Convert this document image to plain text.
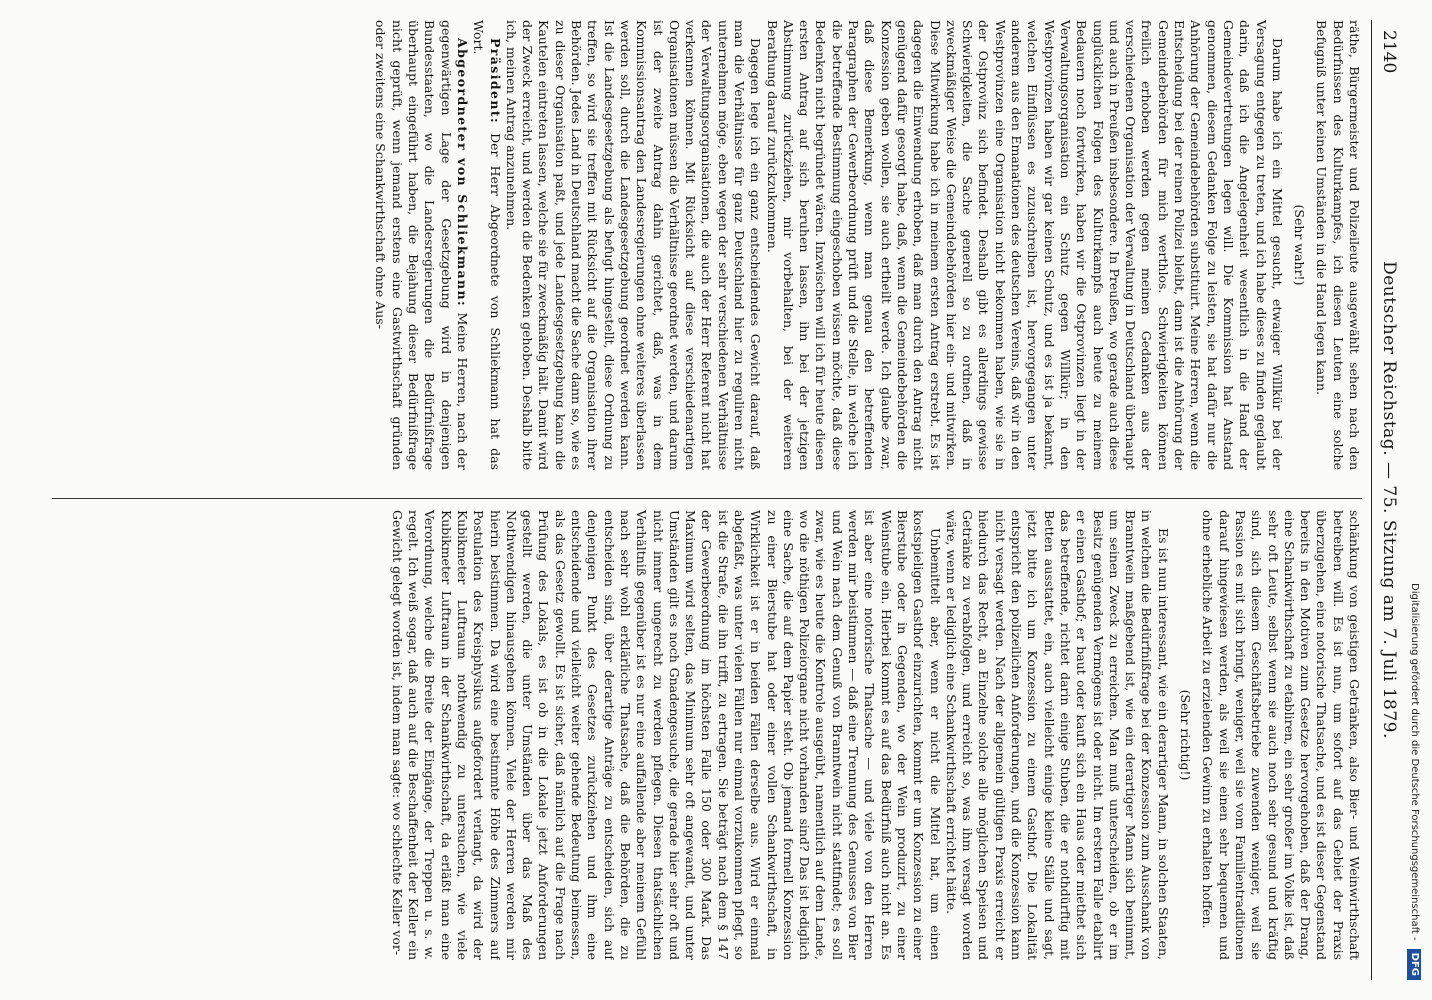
Deutscher Reichstag. — 75. Sitzung am 7. Juli 1879.
2140

räthe, Bürgermeister und Polizeileute ausgewählt sehen nach den Bedürfnissen des Kulturkampfes, ich diesen Leuten eine solche Befugniß unter keinen Umständen in die Hand legen kann.

(Sehr wahr!)

Darum habe ich ein Mittel gesucht, etwaiger Willkür bei der Versagung entgegen zu treten, und ich habe dieses zu finden geglaubt darin, daß ich die Angelegenheit wesentlich in die Hand der Gemeindevertretungen legen will. Die Kommission hat Anstand genommen, diesem Gedanken Folge zu leisten, sie hat dafür nur die Anhörung der Gemeindebehörden substituirt. Meine Herren, wenn die Entscheidung bei der reinen Polizei bleibt, dann ist die Anhörung der Gemeindebehörden für mich werthlos. Schwierigkeiten können freilich erhoben werden gegen meinen Gedanken aus der verschiedenen Organisation der Verwaltung in Deutschland überhaupt und auch in Preußen insbesondere. In Preußen, wo gerade auch diese unglücklichen Folgen des Kulturkampfs auch heute zu meinem Bedauern noch fortwirken, haben wir die Ostprovinzen liegt in der Verwaltungsorganisation ein Schutz gegen Willkür; in den Westprovinzen haben wir gar keinen Schutz, und es ist ja bekannt, welchen Einflüssen es zuzuschreiben ist, hervorgegangen unter anderem aus den Emanationen des deutschen Vereins, daß wir in den Westprovinzen eine Organisation nicht bekommen haben, wie sie in der Ostprovinz sich befindet. Deshalb gibt es allerdings gewisse Schwierigkeiten, die Sache generell so zu ordnen, daß in zweckmäßiger Weise die Gemeindebehörden hier ein- und mitwirken. Diese Mitwirkung habe ich in meinem ersten Antrag erstrebt. Es ist dagegen die Einwendung erhoben, daß man durch den Antrag nicht genügend dafür gesorgt habe, daß, wenn die Gemeindebehörden die Konzession geben wollen, sie auch ertheilt werde. Ich glaube zwar, daß diese Bemerkung, wenn man genau den betreffenden Paragraphen der Gewerbeordnung prüft und die Stelle, in welche ich die betreffende Bestimmung eingeschoben wissen möchte, daß diese Bedenken nicht begründet wären. Inzwischen will ich für heute diesen ersten Antrag auf sich beruhen lassen, ihn bei der jetzigen Abstimmung zurückziehen, mir vorbehalten, bei der weiteren Berathung darauf zurückzukommen.

Dagegen lege ich ein ganz entscheidendes Gewicht darauf, daß man die Verhältnisse für ganz Deutschland hier zu reguliren nicht unternehmen möge, eben wegen der sehr verschiedenen Verhältnisse der Verwaltungsorganisationen, die auch der Herr Referent nicht hat verkennen können. Mit Rücksicht auf diese verschiedenartigen Organisationen müssen die Verhältnisse geordnet werden, und darum ist der zweite Antrag dahin gerichtet, daß, was in dem Kommissionsantrag den Landesregierungen ohne weiteres überlassen werden soll, durch die Landesgesetzgebung geordnet werden kann. Ist die Landesgesetzgebung als befugt hingestellt, diese Ordnung zu treffen, so wird sie treffen mit Rücksicht auf die Organisation ihrer Behörden. Jedes Land in Deutschland macht die Sache dann so, wie es zu dieser Organisation paßt, und jede Landesgesetzgebung kann die Kautelen eintreten lassen, welche sie für zweckmäßig hält. Damit wird der Zweck erreicht, und werden die Bedenken gehoben. Deshalb bitte ich, meinen Antrag anzunehmen.

Präsident: Der Herr Abgeordnete von Schliekmann hat das Wort.

Abgeordneter von Schliekmann: Meine Herren, nach der gegenwärtigen Lage der Gesetzgebung wird in denjenigen Bundesstaaten, wo die Landesregierungen die Bedürfnißfrage überhaupt eingeführt haben, die Bejahung dieser Bedürfnißfrage nicht geprüft, wenn jemand erstens eine Gastwirthschaft gründen oder zweitens eine Schankwirthschaft ohne Aus-

schänkung von geistigen Getränken, also Bier- und Weinwirthschaft betreiben will. Es ist nun, um sofort auf das Gebiet der Praxis überzugehen, eine notorische Thatsache, und es ist dieser Gegenstand bereits in den Motiven zum Gesetze hervorgehoben, daß der Drang, eine Schankwirthschaft zu etabliren, ein sehr großer im Volke ist, daß sehr oft Leute, selbst wenn sie auch noch sehr gesund und kräftig sind, sich diesem Geschäftsbetriebe zuwenden weniger, weil sie Passion es mit sich bringt, weniger, weil sie vom Familientraditionen darauf hingewiesen werden, als weil sie einen sehr bequemen und ohne erhebliche Arbeit zu erzielenden Gewinn zu erhalten hoffen.

(Sehr richtig!)

Es ist nun interessant, wie ein derartiger Mann, in solchen Staaten, in welchen die Bedürfnißfrage bei der Konzession zum Ausschank von Branntwein maßgebend ist, wie ein derartiger Mann sich benimmt, um seinen Zweck zu erreichen. Man muß unterscheiden, ob er im Besitz genügenden Vermögens ist oder nicht. Im erstern Falle etablirt er einen Gasthof; er baut oder kauft sich ein Haus oder miethet sich das betreffende, richtet darin einige Stuben, die er nothdürftig mit Betten ausstattet, ein, auch vielleicht einige kleine Ställe und sagt, jetzt bitte ich um Konzession zu einem Gasthof. Die Lokalität entspricht den polizeilichen Anforderungen, und die Konzession kann nicht versagt werden. Nach der allgemein gültigen Praxis erreicht er hiedurch das Recht, an Einzelne solche alle möglichen Speisen und Getränke zu verabfolgen, und erreicht so, was ihm versagt worden wäre, wenn er lediglich eine Schankwirthschaft errichtet hätte.

Unbemittelt aber, wenn er nicht die Mittel hat, um einen kostspieligen Gasthof einzurichten, kommt er um Konzession zu einer Bierstube oder in Gegenden, wo der Wein produzirt, zu einer Weinstube ein. Hierbei kommt es auf das Bedürfniß auch nicht an. Es ist aber eine notorische Thatsache — und viele von den Herren werden mir beistimmen — daß eine Trennung des Genusses von Bier und Wein nach dem Genuß von Branntwein nicht stattfindet; es soll zwar, wie es heute die Kontrole ausgeübt, namentlich auf dem Lande, wo die nöthigen Polizeiorgane nicht vorhanden sind? Das ist lediglich eine Sache, die auf dem Papier steht. Ob jemand formell Konzession zu einer Bierstube hat oder einer vollen Schankwirthschaft, in Wirklichkeit ist er in beiden Fällen derselbe aus. Wird er einmal abgefaßt, was unter vielen Fällen nur einmal vorzukommen pflegt, so ist die Strafe, die ihn trifft, zu ertragen. Sie beträgt nach dem § 147 der Gewerbeordnung im höchsten Falle 150 oder 300 Mark. Das Maximum wird selten, das Minimum sehr oft angewandt, und unter Umständen gilt es noch Gnadengesuche, die gerade hier sehr oft und nicht immer ungerecht zu werden pflegen. Diesen thatsächlichen Verhältniß gegenüber ist es nur eine auffallende aber meinem Gefühl nach sehr wohl erklärliche Thatsache, daß die Behörden, die zu entscheiden sind, über derartige Anträge zu entscheiden, sich auf denjenigen Punkt des Gesetzes zurückziehen und ihm eine entscheidende und vielleicht weiter gehende Bedeutung beimessen, als das Gesetz gewollt. Es ist sicher, daß nämlich auf die Frage nach Prüfung des Lokals, es ist ob in die Lokale jetzt Anforderungen gestellt werden, die unter Umständen über das Maß des Nothwendigen hinausgehen können. Viele der Herren werden mir hierin beistimmen. Da wird eine bestimmte Höhe des Zimmers auf Postulation des Kreisphysikus aufgefordert verlangt, da wird der Kubikmeter Luftraum nothwendig zu untersuchen, wie viele Kubikmeter Luftraum in der Schankwirthschaft, da erläßt man eine Verordnung, welche die Breite der Eingänge, der Treppen u. s. w. regelt. Ich weiß sogar, daß auch auf die Beschaffenheit der Keller ein Gewicht gelegt worden ist, indem man sagte: wo schlechte Keller vor-	Digitalisierung gefördert durch die Deutsche Forschungsgemeinschaft -DFG
